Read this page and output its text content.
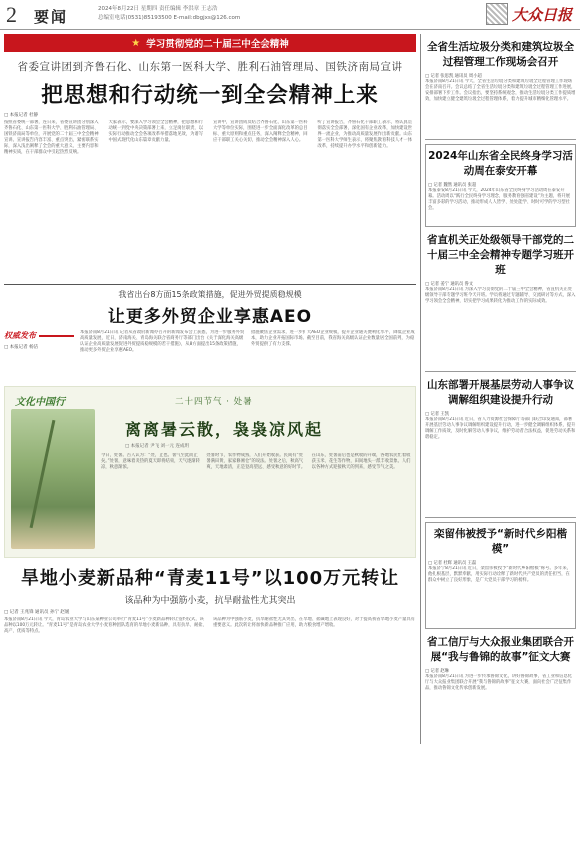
2 要闻	2024年8月22日 星期四 责任编辑 李洪章 王志浩
总编室电话(0531)85193500 E-mail:dbgjxs@126.com	大众日报
★ 学习贯彻党的二十届三中全会精神
省委宣讲团到齐鲁石化、山东第一医科大学、胜利石油管理局、国铁济南局宣讲
把思想和行动统一到全会精神上来
□ 本报记者 杜静

按照省委统一部署，连日来，省委宣讲团分别深入齐鲁石化、山东第一医科大学、胜利石油管理局、国铁济南局等单位，开展党的二十届三中全会精神宣讲。宣讲报告内容丰富、重点突出，紧密联系实际，深入浅出阐释了全会的重大意义、主要内容和精神实质，在干部群众中引起热烈反响。

大家表示，要深入学习领会全会精神，把思想和行动统一到党中央决策部署上来，立足岗位职责，以实际行动推动全会各项改革举措落地见效，为谱写中国式现代化山东篇章贡献力量。

宣讲中，宣讲团成员结合齐鲁石化、山东第一医科大学等单位实际，围绕进一步全面深化改革的总目标、重大原则和重点任务，深入阐释全会精神，回应干部职工关心关切，推动全会精神深入人心。

听了宣讲报告，齐鲁石化干部职工表示，将认真贯彻落实全会部署，深化国有企业改革，加快建设世界一流企业，为推动高质量发展作出新贡献。山东第一医科大学师生表示，将聚焦教育科技人才一体改革，持续提升办学水平和创新能力。

我省出台8方面15条政策措施，促进外贸提质稳规模
让更多外贸企业享惠AEO
权威发布
□ 本报记者 杨洁

本报济南8月21日讯 记者从省政府新闻办召开的新闻发布会上获悉，为进一步服务外贸高质量发展，近日，济南海关、青岛海关联合省商务厅等部门出台《关于深化海关高级认证企业高质量发展促进外贸提质稳规模的若干措施》，从8方面提出15条政策措施，推动更多外贸企业享惠AEO。

措施聚焦企业需求，进一步扩大AEO企业规模，提升企业通关便利化水平，降低企业成本，助力企业开拓国际市场。截至目前，我省海关高级认证企业数量居全国前列，为稳外贸提供了有力支撑。

文化中国行	二十四节气 · 处暑
离离暑云散，袅袅凉风起
□ 本报记者 尹飞 刘一元 连成玥

今日，处暑。古人认为：“处，止也。暑气至此而止矣。”处暑，意味着炎热的夏天即将结束，天气逐渐转凉，秋意渐浓。

处暑时节，农作物成熟，人们开始收获。民间有“处暑满田黄，家家修廪仓”的说法。处暑之后，秋高气爽，天地肃清，正是登高望远、感受秋意的好时节。

在山东，处暑前后也是秋收的开端，各地农民忙着收获玉米、花生等作物，田间地头一派丰收景象。人们以各种方式迎接秋天的到来，感受节气之美。

旱地小麦新品种“青麦11号”以100万元转让
该品种为中强筋小麦，抗旱耐盐性尤其突出
□ 记者 王兆锋 通讯员 孙宁 赵媛

本报济南8月21日讯 今天，青岛农业大学与山东某种业公司举行“青麦11号”小麦新品种转让签约仪式，该品种以100万元转让。“青麦11号”是青岛农业大学小麦育种团队选育的旱地小麦新品种，具有抗旱、耐盐、高产、优质等特点。

该品种为中强筋小麦，抗旱耐盐性尤其突出，在旱地、盐碱地上表现良好，对于提高我省旱地小麦产量具有重要意义。此次转让将加快新品种推广应用，助力粮食增产增收。

全省生活垃圾分类和建筑垃圾全过程管理工作现场会召开
□ 记者 张思凯 通讯员 周小超
本报济南8月21日讯 今天，全省生活垃圾分类和建筑垃圾全过程管理工作现场会在济南召开。会议总结了全省生活垃圾分类和建筑垃圾全过程管理工作进展，安排部署下步工作。会议指出，要坚持系统观念，推动生活垃圾分类工作提质增效，加快建立健全建筑垃圾全过程管理体系，着力提升城市精细化管理水平。
2024年山东省全民终身学习活动周在泰安开幕
□ 记者 魏然 通讯员 张超
本报泰安8月21日讯 今天，2024年山东省全民终身学习活动周在泰安开幕。活动周以“践行全民终身学习理念，服务教育强省建设”为主题，将开展丰富多彩的学习活动，推动形成人人皆学、处处能学、时时可学的学习型社会。
省直机关正处级领导干部党的二十届三中全会精神专题学习班开班
□ 记者 姜宁 通讯员 鲁文
本报济南8月21日讯 为深入学习贯彻党的二十届三中全会精神，省直机关正处级领导干部专题学习班今天开班。学员将通过专题辅导、交流研讨等方式，深入学习领会全会精神，切实把学习成果转化为推动工作的实际成效。
山东部署开展基层劳动人事争议调解组织建设提升行动
□ 记者 王凯
本报济南8月21日讯 近日，省人力资源社会保障厅等部门联合印发通知，部署开展基层劳动人事争议调解组织建设提升行动，进一步健全调解组织体系，提升调解工作质效，及时化解劳动人事争议，维护劳动者合法权益，促进劳动关系和谐稳定。
栾留伟被授予“新时代乡阳楷模”
□ 记者 杜辉 通讯员 王磊
本报济宁8月21日讯 近日，栾留伟被授予“新时代乡阳楷模”称号。多年来，他扎根基层，默默奉献，用实际行动诠释了新时代共产党员的责任担当，在群众中树立了良好形象，是广大党员干部学习的榜样。
省工信厅与大众报业集团联合开展“我与鲁锦的故事”征文大赛
□ 记者 赵琳
本报济南8月21日讯 为进一步传承鲁锦文化，讲好鲁锦故事，省工业和信息化厅与大众报业集团联合开展“我与鲁锦的故事”征文大赛，面向社会广泛征集作品，推动鲁锦文化传承创新发展。
